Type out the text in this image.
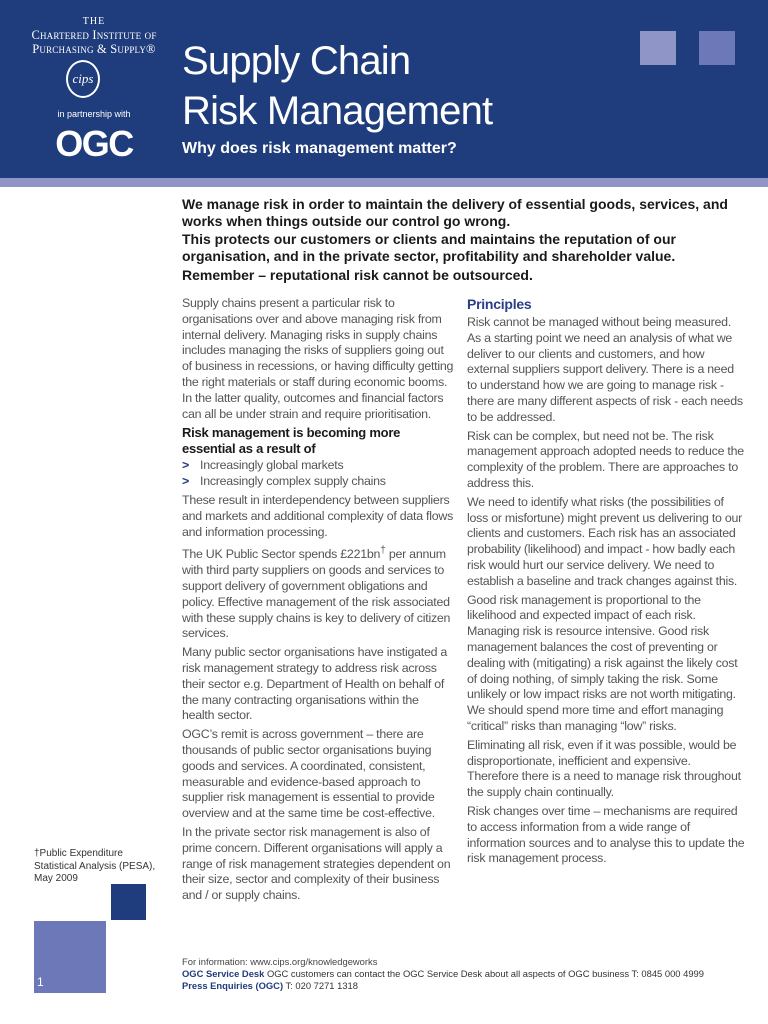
THE
Chartered Institute of
Purchasing & Supply®
cips
in partnership with
OGC
Supply Chain
Risk Management
Why does risk management matter?

We manage risk in order to maintain the delivery of essential goods, services, and works when things outside our control go wrong.

This protects our customers or clients and maintains the reputation of our organisation, and in the private sector, profitability and shareholder value.

Remember – reputational risk cannot be outsourced.

Supply chains present a particular risk to organisations over and above managing risk from internal delivery. Managing risks in supply chains includes managing the risks of suppliers going out of business in recessions, or having difficulty getting the right materials or staff during economic booms. In the latter quality, outcomes and financial factors can all be under strain and require prioritisation.

Risk management is becoming more essential as a result of
> Increasingly global markets
> Increasingly complex supply chains

These result in interdependency between suppliers and markets and additional complexity of data flows and information processing.

The UK Public Sector spends £221bn† per annum with third party suppliers on goods and services to support delivery of government obligations and policy. Effective management of the risk associated with these supply chains is key to delivery of citizen services.

Many public sector organisations have instigated a risk management strategy to address risk across their sector e.g. Department of Health on behalf of the many contracting organisations within the health sector.

OGC’s remit is across government – there are thousands of public sector organisations buying goods and services. A coordinated, consistent, measurable and evidence-based approach to supplier risk management is essential to provide overview and at the same time be cost-effective.

In the private sector risk management is also of prime concern. Different organisations will apply a range of risk management strategies dependent on their size, sector and complexity of their business and / or supply chains.

Principles

Risk cannot be managed without being measured. As a starting point we need an analysis of what we deliver to our clients and customers, and how external suppliers support delivery. There is a need to understand how we are going to manage risk - there are many different aspects of risk - each needs to be addressed.

Risk can be complex, but need not be. The risk management approach adopted needs to reduce the complexity of the problem. There are approaches to address this.

We need to identify what risks (the possibilities of loss or misfortune) might prevent us delivering to our clients and customers. Each risk has an associated probability (likelihood) and impact - how badly each risk would hurt our service delivery. We need to establish a baseline and track changes against this.

Good risk management is proportional to the likelihood and expected impact of each risk. Managing risk is resource intensive. Good risk management balances the cost of preventing or dealing with (mitigating) a risk against the likely cost of doing nothing, of simply taking the risk. Some unlikely or low impact risks are not worth mitigating. We should spend more time and effort managing “critical” risks than managing “low” risks.

Eliminating all risk, even if it was possible, would be disproportionate, inefficient and expensive. Therefore there is a need to manage risk throughout the supply chain continually.

Risk changes over time – mechanisms are required to access information from a wide range of information sources and to analyse this to update the risk management process.

†Public Expenditure Statistical Analysis (PESA), May 2009
1
For information: www.cips.org/knowledgeworks
OGC Service Desk OGC customers can contact the OGC Service Desk about all aspects of OGC business T: 0845 000 4999
Press Enquiries (OGC) T: 020 7271 1318
